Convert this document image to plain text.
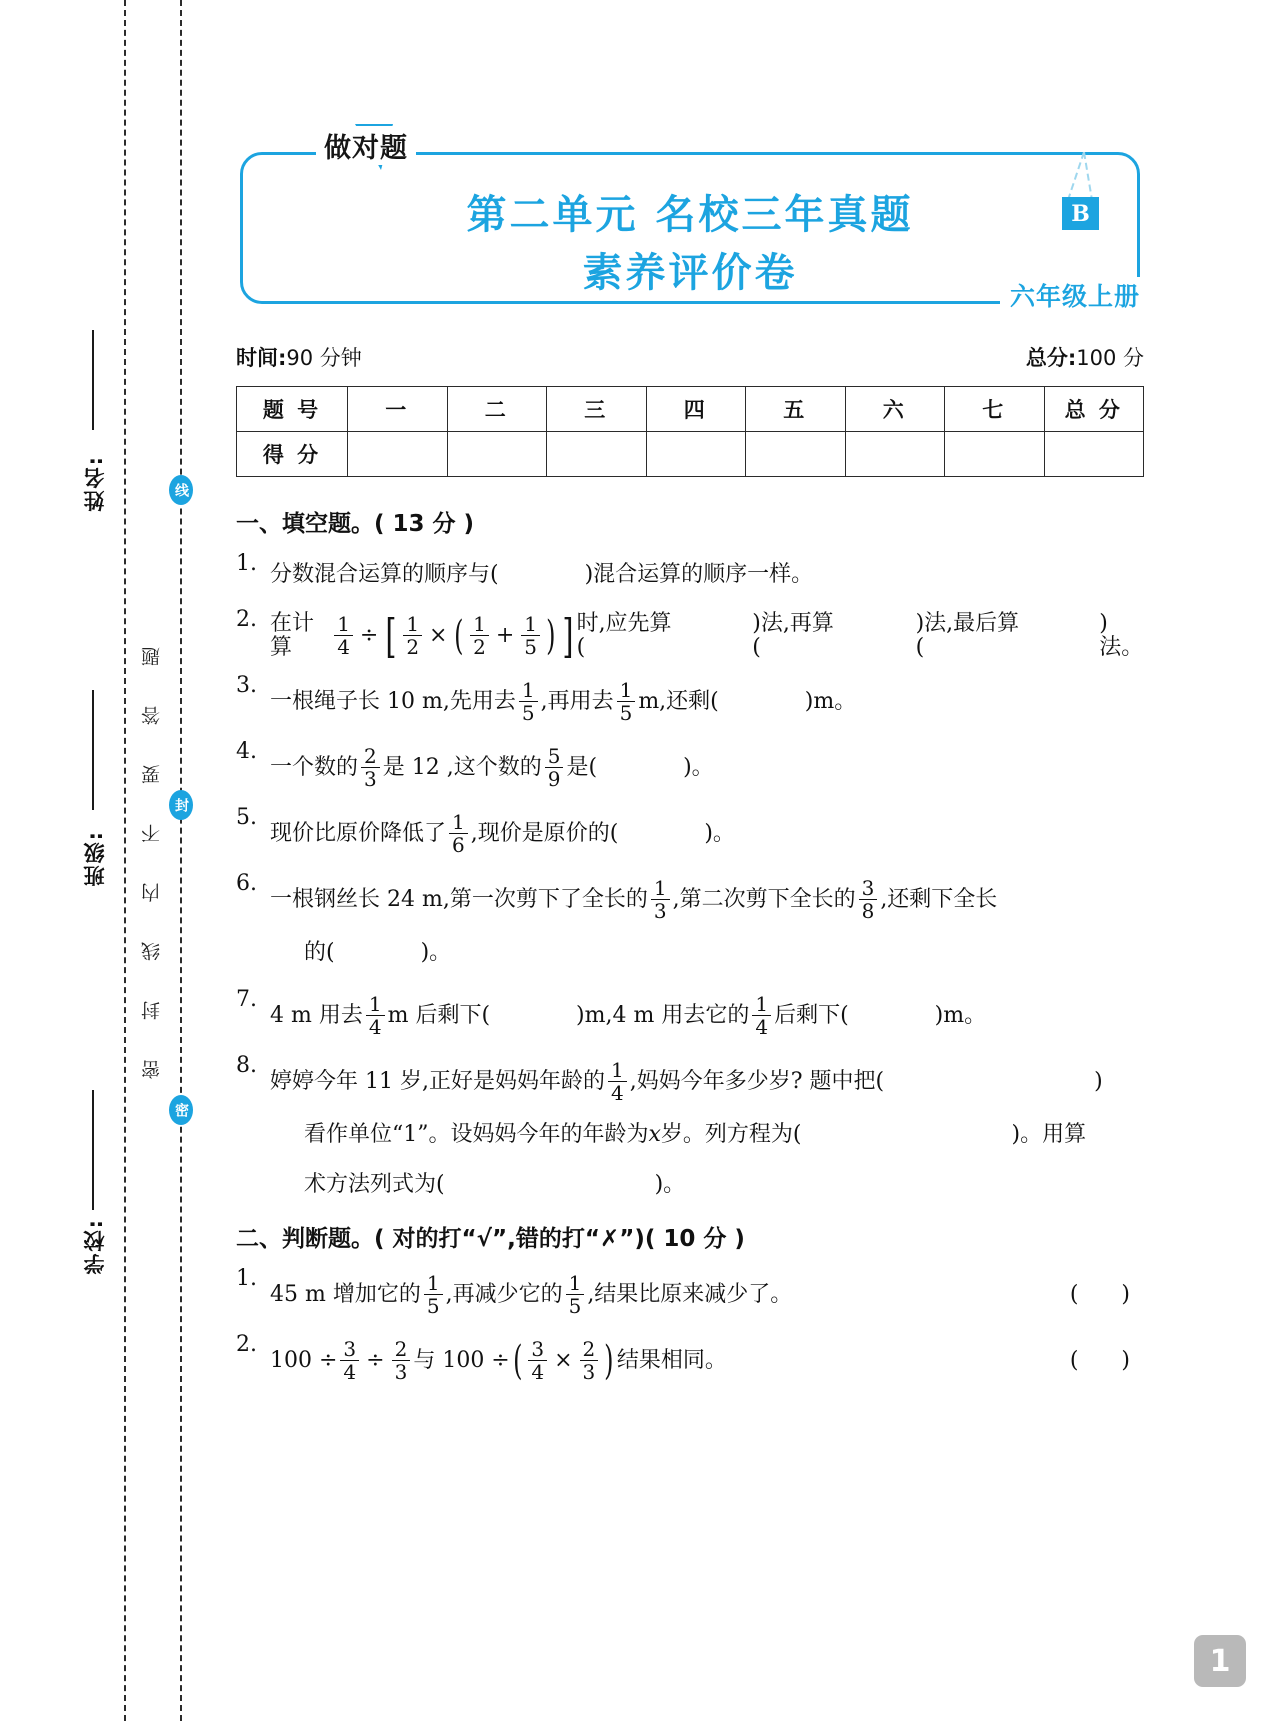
姓名:
班级:
学校:
密 封 线 内 不 要 答 题
线
封
密
做对题
第二单元 名校三年真题
素养评价卷
B
六年级上册
时间:90 分钟	总分:100 分
题 号	一	二	三	四	五	六	七	总 分
得 分								
一、填空题。( 13 分 )
1. 分数混合运算的顺序与(	)混合运算的顺序一样。
2. 在计算	$\frac{1}{4}$ ÷ [ $\frac{1}{2}$ × ( $\frac{1}{2} + \frac{1}{5}$ ) ] 时,应先算(
)法,再算(
)法,最后算(
)法。
3.
一根绳子长 10 m,先用去 $\frac{1}{5}$ ,再用去 $\frac{1}{5} m$,还剩(	)m。
4.
一个数的 $\frac{2}{3}$ 是 12 ,这个数的 $\frac{5}{9}$ 是(	)。
5.
现价比原价降低了 $\frac{1}{6}$ ,现价是原价的(	)。
6.
一根钢丝长 24 m,第一次剪下了全长的 $\frac{1}{3}$ ,第二次剪下全长的 $\frac{3}{8}$ ,还剩下全长
的(	)。
7.
4 m 用去 $\frac{1}{4}$ m 后剩下(	)m,4 m 用去它的 $\frac{1}{4}$ 后剩下(	)m。
8.
婷婷今年 11 岁,正好是妈妈年龄的 $\frac{1}{4}$ ,妈妈今年多少岁? 题中把(	)
看作单位“1”。设妈妈今年的年龄为 x 岁。列方程为(	)。用算
术方法列式为(	)。
二、判断题。( 对的打“√”,错的打“✗”)( 10 分 )
1.
45 m 增加它的 $\frac{1}{5}$ ,再减少它的 $\frac{1}{5}$ ,结果比原来减少了。	( )
2.
$100 \div \frac{3}{4} \div \frac{2}{3}$ 与 100 ÷ ( $\frac{3}{4} \times \frac{2}{3}$ ) 结果相同。	( )
1
